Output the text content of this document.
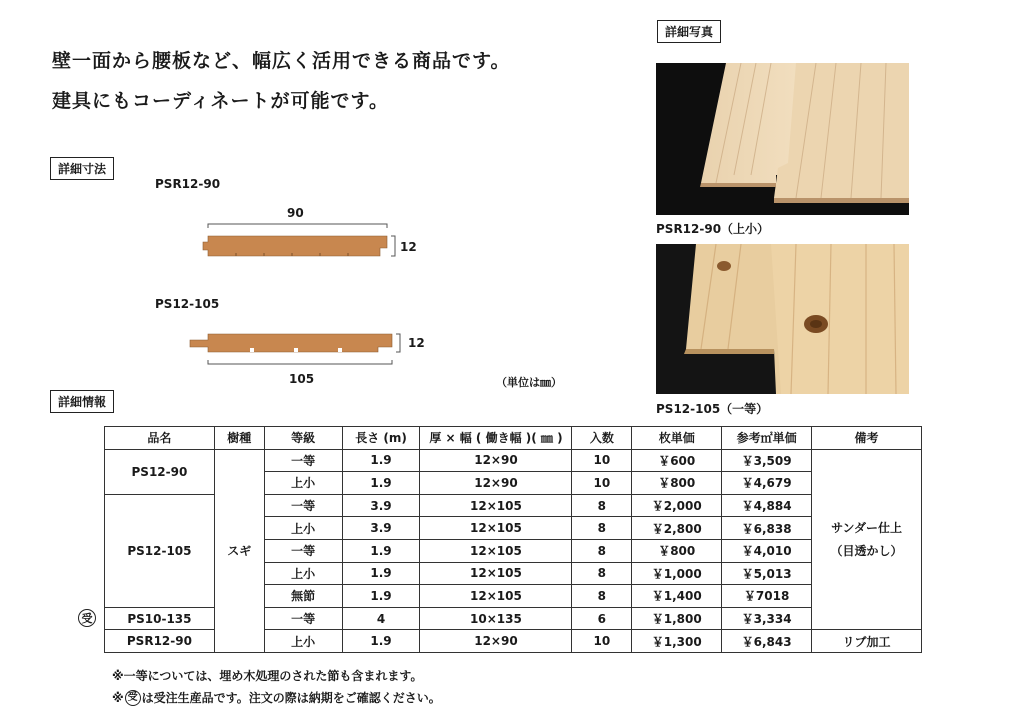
壁一面から腰板など、幅広く活用できる商品です。
建具にもコーディネートが可能です。
詳細寸法
詳細情報
詳細写真
PSR12-90
90
12
PS12-105
12
105	（単位は㎜）
PSR12-90（上小）
PS12-105（一等）
受
品名	樹種	等級	長さ (m)	厚 × 幅 ( 働き幅 )( ㎜ )	入数	枚単価	参考㎡単価	備考
PS12-90	スギ	一等	1.9	12×90	10	￥600	￥3,509	サンダー仕上
（目透かし）

		上小	1.9	12×90	10	￥800	￥4,679	
PS12-105		一等	3.9	12×105	8	￥2,000	￥4,884	
		上小	3.9	12×105	8	￥2,800	￥6,838	
		一等	1.9	12×105	8	￥800	￥4,010	
		上小	1.9	12×105	8	￥1,000	￥5,013	
		無節	1.9	12×105	8	￥1,400	￥7018	
PS10-135		一等	4	10×135	6	￥1,800	￥3,334	
PSR12-90		上小	1.9	12×90	10	￥1,300	￥6,843	リブ加工
※一等については、埋め木処理のされた節も含まれます。
※ 受 は受注生産品です。注文の際は納期をご確認ください。
